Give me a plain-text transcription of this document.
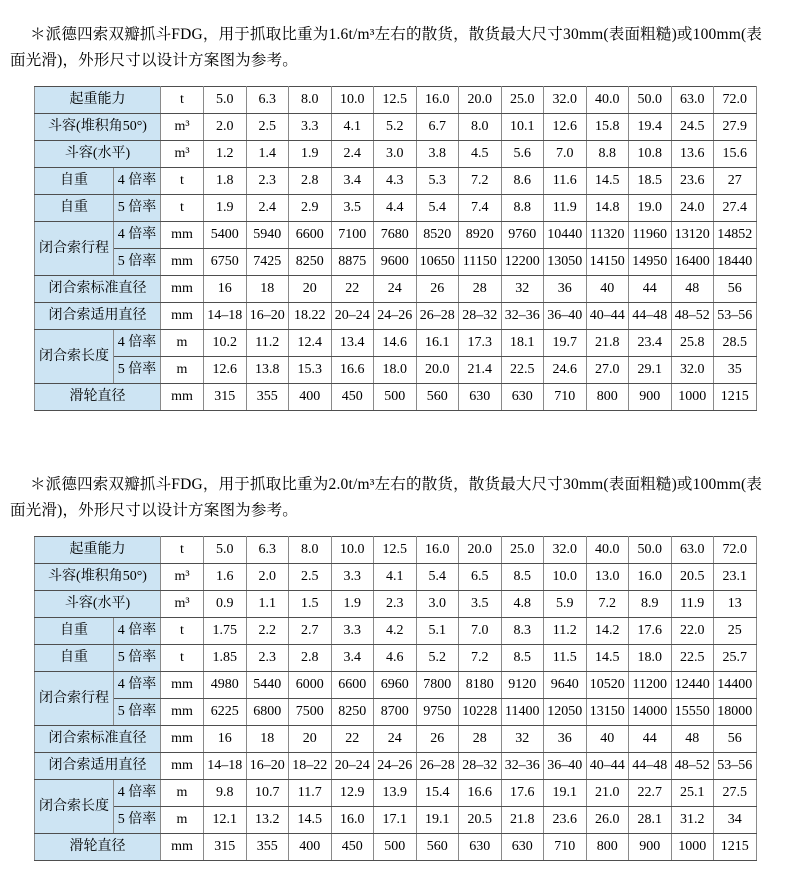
＊派德四索双瓣抓斗FDG，用于抓取比重为1.6t/m³左右的散货，散货最大尺寸30mm(表面粗糙)或100mm(表面光滑)，外形尺寸以设计方案图为参考。

起重能力		t	5.0	6.3	8.0	10.0	12.5	16.0	20.0	25.0	32.0	40.0	50.0	63.0	72.0
斗容(堆积角50°)		m³	2.0	2.5	3.3	4.1	5.2	6.7	8.0	10.1	12.6	15.8	19.4	24.5	27.9
斗容(水平)		m³	1.2	1.4	1.9	2.4	3.0	3.8	4.5	5.6	7.0	8.8	10.8	13.6	15.6
自重	4 倍率	t	1.8	2.3	2.8	3.4	4.3	5.3	7.2	8.6	11.6	14.5	18.5	23.6	27
自重	5 倍率	t	1.9	2.4	2.9	3.5	4.4	5.4	7.4	8.8	11.9	14.8	19.0	24.0	27.4
闭合索行程	4 倍率	mm	5400	5940	6600	7100	7680	8520	8920	9760	10440	11320	11960	13120	14852
	5 倍率	mm	6750	7425	8250	8875	9600	10650	11150	12200	13050	14150	14950	16400	18440
闭合索标准直径		mm	16	18	20	22	24	26	28	32	36	40	44	48	56
闭合索适用直径		mm	14–18	16–20	18.22	20–24	24–26	26–28	28–32	32–36	36–40	40–44	44–48	48–52	53–56
闭合索长度	4 倍率	m	10.2	11.2	12.4	13.4	14.6	16.1	17.3	18.1	19.7	21.8	23.4	25.8	28.5
	5 倍率	m	12.6	13.8	15.3	16.6	18.0	20.0	21.4	22.5	24.6	27.0	29.1	32.0	35
滑轮直径		mm	315	355	400	450	500	560	630	630	710	800	900	1000	1215

＊派德四索双瓣抓斗FDG，用于抓取比重为2.0t/m³左右的散货，散货最大尺寸30mm(表面粗糙)或100mm(表面光滑)，外形尺寸以设计方案图为参考。

起重能力		t	5.0	6.3	8.0	10.0	12.5	16.0	20.0	25.0	32.0	40.0	50.0	63.0	72.0
斗容(堆积角50°)		m³	1.6	2.0	2.5	3.3	4.1	5.4	6.5	8.5	10.0	13.0	16.0	20.5	23.1
斗容(水平)		m³	0.9	1.1	1.5	1.9	2.3	3.0	3.5	4.8	5.9	7.2	8.9	11.9	13
自重	4 倍率	t	1.75	2.2	2.7	3.3	4.2	5.1	7.0	8.3	11.2	14.2	17.6	22.0	25
自重	5 倍率	t	1.85	2.3	2.8	3.4	4.6	5.2	7.2	8.5	11.5	14.5	18.0	22.5	25.7
闭合索行程	4 倍率	mm	4980	5440	6000	6600	6960	7800	8180	9120	9640	10520	11200	12440	14400
	5 倍率	mm	6225	6800	7500	8250	8700	9750	10228	11400	12050	13150	14000	15550	18000
闭合索标准直径		mm	16	18	20	22	24	26	28	32	36	40	44	48	56
闭合索适用直径		mm	14–18	16–20	18–22	20–24	24–26	26–28	28–32	32–36	36–40	40–44	44–48	48–52	53–56
闭合索长度	4 倍率	m	9.8	10.7	11.7	12.9	13.9	15.4	16.6	17.6	19.1	21.0	22.7	25.1	27.5
	5 倍率	m	12.1	13.2	14.5	16.0	17.1	19.1	20.5	21.8	23.6	26.0	28.1	31.2	34
滑轮直径		mm	315	355	400	450	500	560	630	630	710	800	900	1000	1215
